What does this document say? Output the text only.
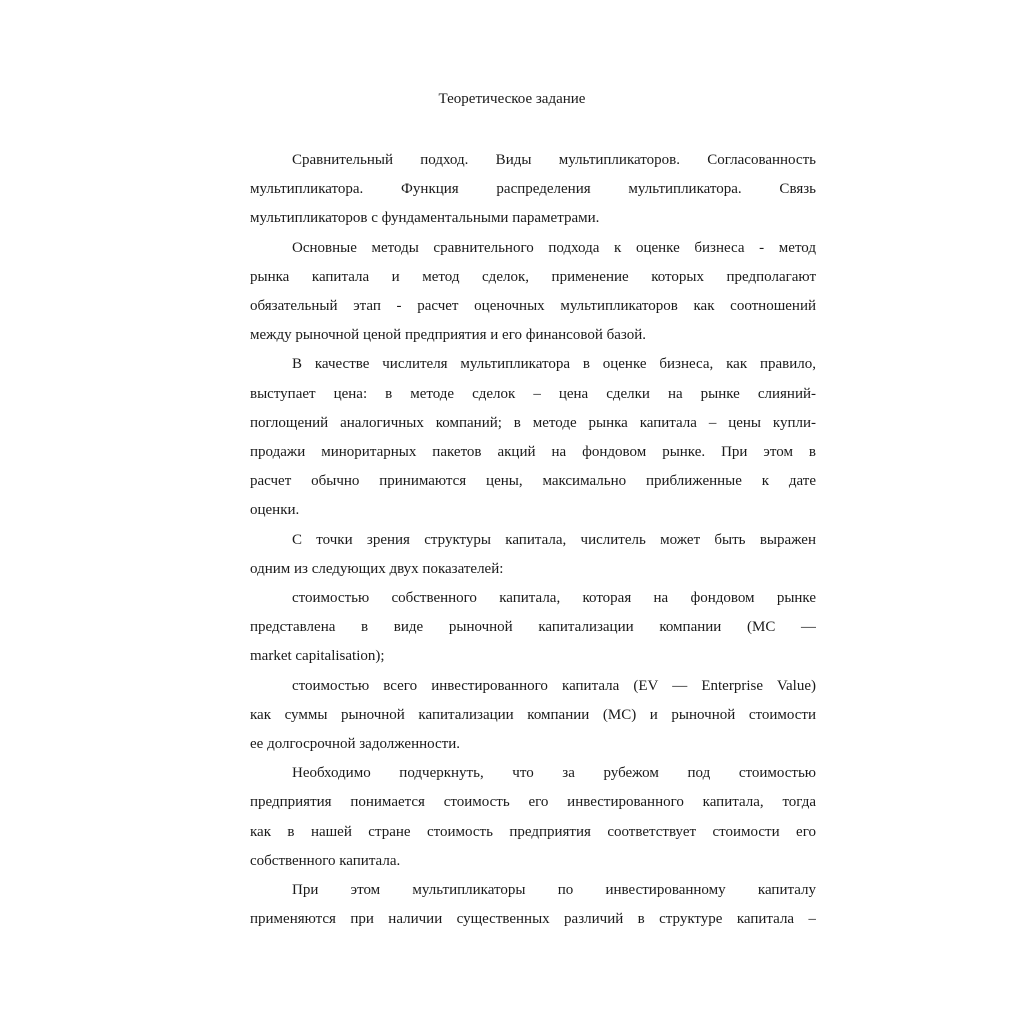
Теоретическое задание
Сравнительный подход. Виды мультипликаторов. Согласованность
мультипликатора. Функция распределения мультипликатора. Связь
мультипликаторов с фундаментальными параметрами.
Основные методы сравнительного подхода к оценке бизнеса - метод
рынка капитала и метод сделок, применение которых предполагают
обязательный этап - расчет оценочных мультипликаторов как соотношений
между рыночной ценой предприятия и его финансовой базой.
В качестве числителя мультипликатора в оценке бизнеса, как правило,
выступает цена: в методе сделок – цена сделки на рынке слияний-
поглощений аналогичных компаний; в методе рынка капитала – цены купли-
продажи миноритарных пакетов акций на фондовом рынке. При этом в
расчет обычно принимаются цены, максимально приближенные к дате
оценки.
С точки зрения структуры капитала, числитель может быть выражен
одним из следующих двух показателей:
стоимостью собственного капитала, которая на фондовом рынке
представлена в виде рыночной капитализации компании (МС —
market capitalisation);
стоимостью всего инвестированного капитала (EV — Enterprise Value)
как суммы рыночной капитализации компании (МС) и рыночной стоимости
ее долгосрочной задолженности.
Необходимо подчеркнуть, что за рубежом под стоимостью
предприятия понимается стоимость его инвестированного капитала, тогда
как в нашей стране стоимость предприятия соответствует стоимости его
собственного капитала.
При этом мультипликаторы по инвестированному капиталу
применяются при наличии существенных различий в структуре капитала –
